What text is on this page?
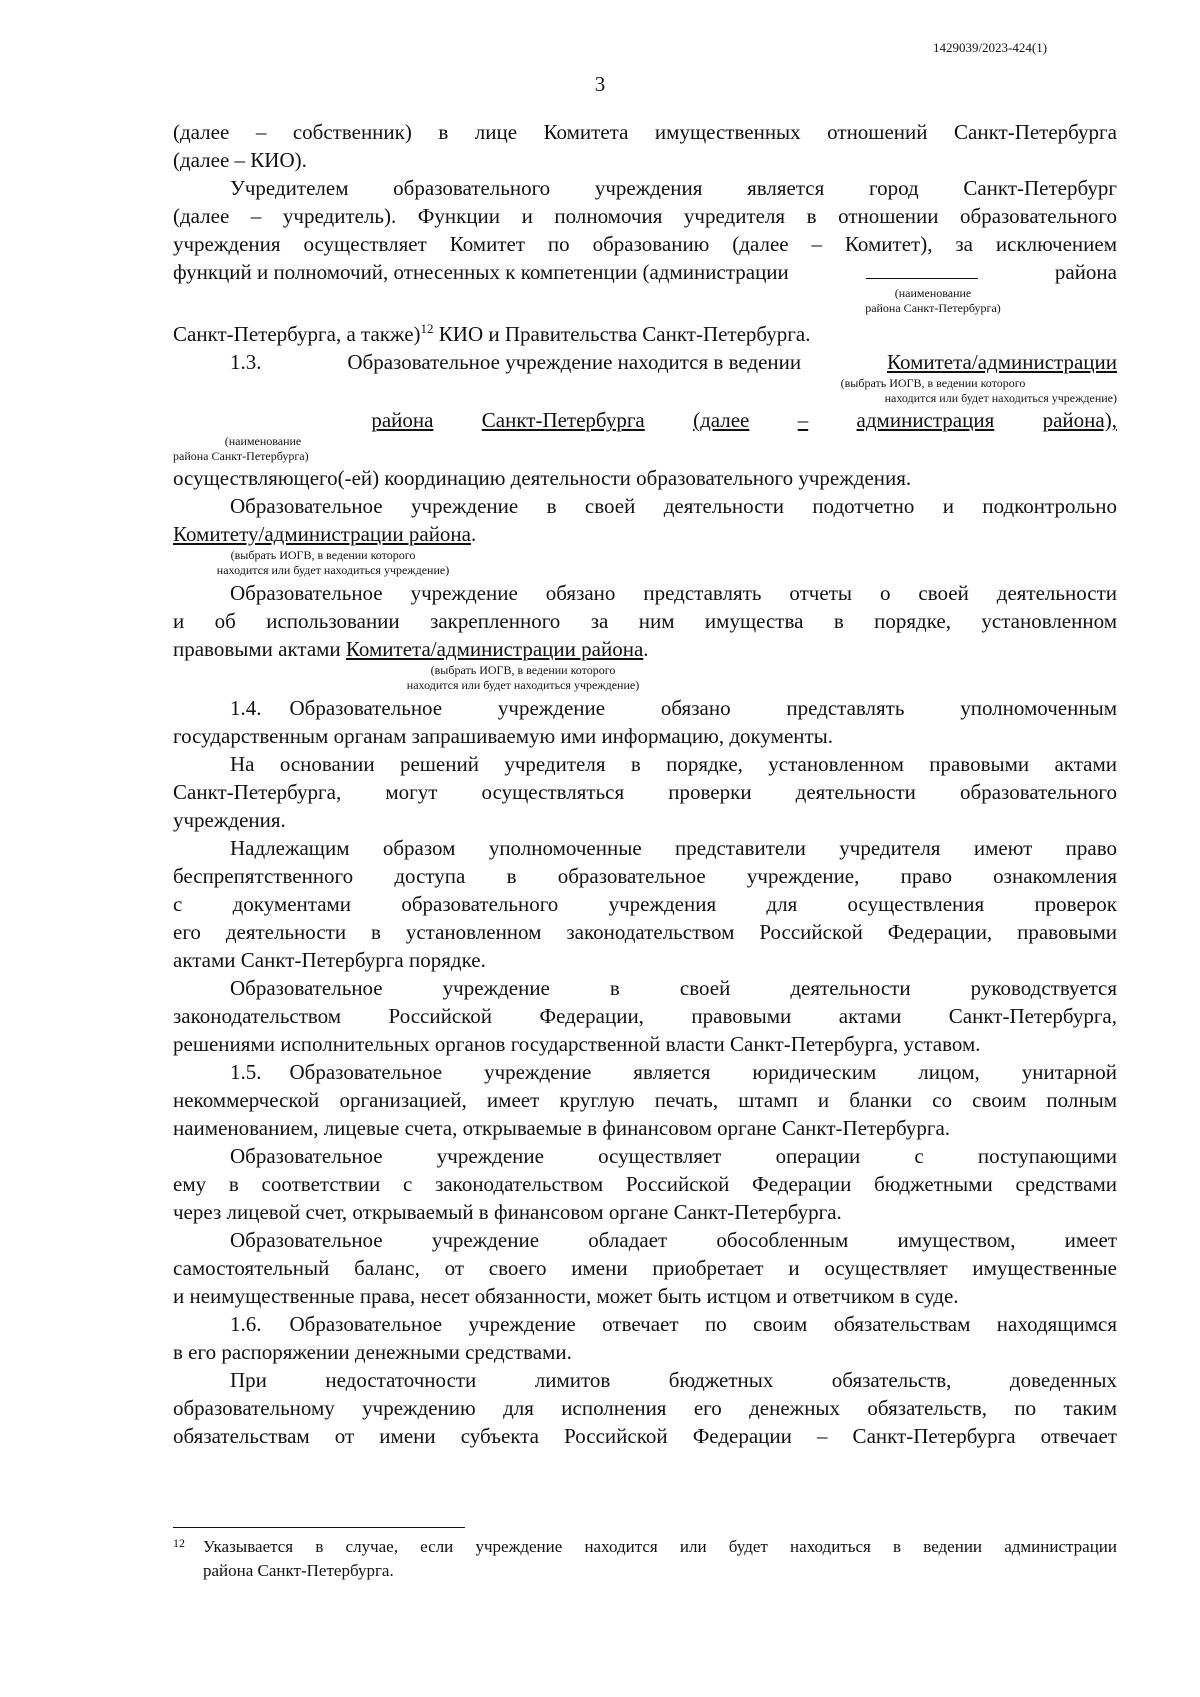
1429039/2023-424(1)
3
(далее – собственник) в лице Комитета имущественных отношений Санкт-Петербурга
(далее – КИО).
Учредителем образовательного учреждения является город Санкт-Петербург
(далее – учредитель). Функции и полномочия учредителя в отношении образовательного
учреждения осуществляет Комитет по образованию (далее – Комитет), за исключением
функций и полномочий, отнесенных к компетенции (администрации	района
(наименование
района Санкт-Петербурга)
Санкт-Петербурга, а также)$^{12}$ КИО и Правительства Санкт-Петербурга.
1.3.	Образовательное учреждение находится в ведении	Комитета/администрации
(выбрать ИОГВ, в ведении которого
находится или будет находиться учреждение)
района Санкт-Петербурга (далее – администрация района),
(наименование
района Санкт-Петербурга)
осуществляющего(-ей) координацию деятельности образовательного учреждения.
Образовательное учреждение в своей деятельности подотчетно и подконтрольно
Комитету/администрации района.
(выбрать ИОГВ, в ведении которого
находится или будет находиться учреждение)
Образовательное учреждение обязано представлять отчеты о своей деятельности
и об использовании закрепленного за ним имущества в порядке, установленном
правовыми актами Комитета/администрации района.
(выбрать ИОГВ, в ведении которого
находится или будет находиться учреждение)
1.4. Образовательное учреждение обязано представлять уполномоченным
государственным органам запрашиваемую ими информацию, документы.
На основании решений учредителя в порядке, установленном правовыми актами
Санкт-Петербурга, могут осуществляться проверки деятельности образовательного
учреждения.
Надлежащим образом уполномоченные представители учредителя имеют право
беспрепятственного доступа в образовательное учреждение, право ознакомления
с документами образовательного учреждения для осуществления проверок
его деятельности в установленном законодательством Российской Федерации, правовыми
актами Санкт-Петербурга порядке.
Образовательное учреждение в своей деятельности руководствуется
законодательством Российской Федерации, правовыми актами Санкт-Петербурга,
решениями исполнительных органов государственной власти Санкт-Петербурга, уставом.
1.5. Образовательное учреждение является юридическим лицом, унитарной
некоммерческой организацией, имеет круглую печать, штамп и бланки со своим полным
наименованием, лицевые счета, открываемые в финансовом органе Санкт-Петербурга.
Образовательное учреждение осуществляет операции с поступающими
ему в соответствии с законодательством Российской Федерации бюджетными средствами
через лицевой счет, открываемый в финансовом органе Санкт-Петербурга.
Образовательное учреждение обладает обособленным имуществом, имеет
самостоятельный баланс, от своего имени приобретает и осуществляет имущественные
и неимущественные права, несет обязанности, может быть истцом и ответчиком в суде.
1.6. Образовательное учреждение отвечает по своим обязательствам находящимся
в его распоряжении денежными средствами.
При недостаточности лимитов бюджетных обязательств, доведенных
образовательному учреждению для исполнения его денежных обязательств, по таким
обязательствам от имени субъекта Российской Федерации – Санкт-Петербурга отвечает
12 Указывается в случае, если учреждение находится или будет находиться в ведении администрации
района Санкт-Петербурга.
